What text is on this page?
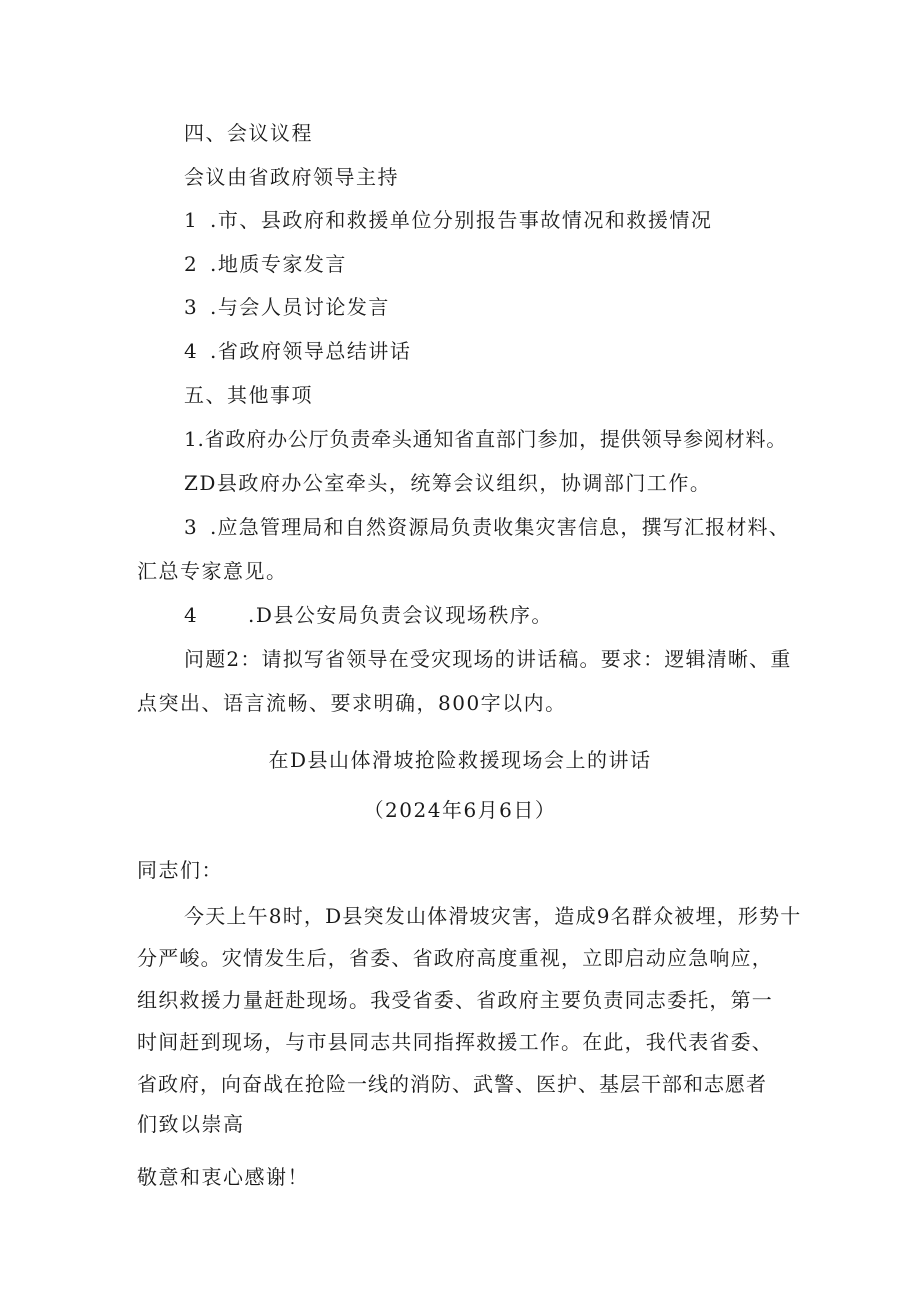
四、会议议程
会议由省政府领导主持
1 .市、县政府和救援单位分别报告事故情况和救援情况
2 .地质专家发言
3 .与会人员讨论发言
4 .省政府领导总结讲话
五、其他事项
1.省政府办公厅负责牵头通知省直部门参加，提供领导参阅材料。
ZD县政府办公室牵头，统筹会议组织，协调部门工作。
3 .应急管理局和自然资源局负责收集灾害信息，撰写汇报材料、
汇总专家意见。
4 .D县公安局负责会议现场秩序。
问题2：请拟写省领导在受灾现场的讲话稿。要求：逻辑清晰、重
点突出、语言流畅、要求明确，800字以内。
在D县山体滑坡抢险救援现场会上的讲话
（2024年6月6日）
同志们：
今天上午8时，D县突发山体滑坡灾害，造成9名群众被埋，形势十
分严峻。灾情发生后，省委、省政府高度重视，立即启动应急响应，
组织救援力量赶赴现场。我受省委、省政府主要负责同志委托，第一
时间赶到现场，与市县同志共同指挥救援工作。在此，我代表省委、
省政府，向奋战在抢险一线的消防、武警、医护、基层干部和志愿者
们致以崇高
敬意和衷心感谢！
